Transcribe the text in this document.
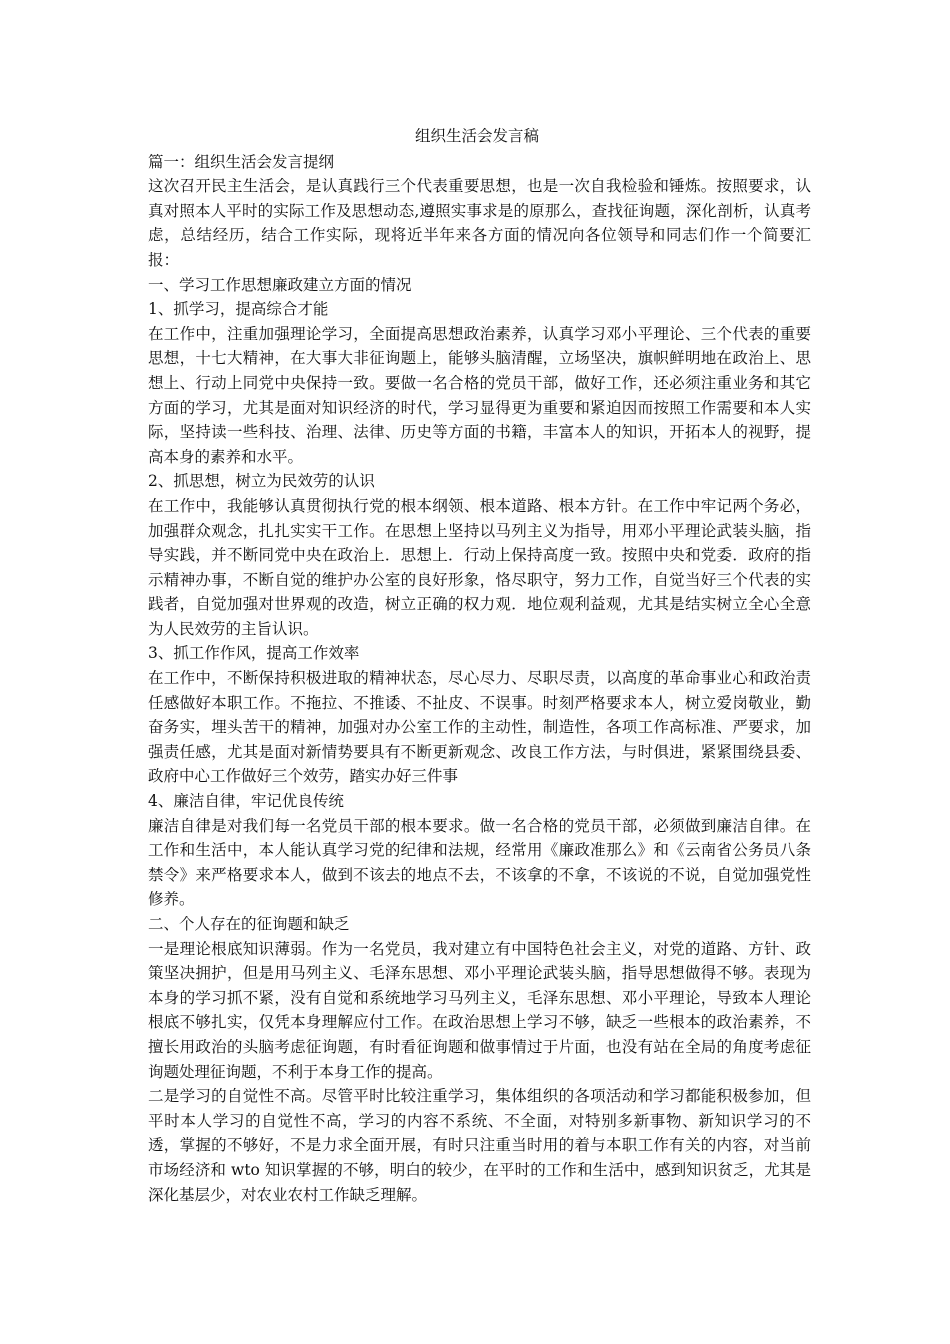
组织生活会发言稿
篇一：组织生活会发言提纲
这次召开民主生活会，是认真践行三个代表重要思想，也是一次自我检验和锤炼。按照要求，认真对照本人平时的实际工作及思想动态,遵照实事求是的原那么，查找征询题，深化剖析，认真考虑，总结经历，结合工作实际，现将近半年来各方面的情况向各位领导和同志们作一个简要汇报：
一、学习工作思想廉政建立方面的情况
1、抓学习，提高综合才能
在工作中，注重加强理论学习，全面提高思想政治素养，认真学习邓小平理论、三个代表的重要思想，十七大精神，在大事大非征询题上，能够头脑清醒，立场坚决，旗帜鲜明地在政治上、思想上、行动上同党中央保持一致。要做一名合格的党员干部，做好工作，还必须注重业务和其它方面的学习，尤其是面对知识经济的时代，学习显得更为重要和紧迫因而按照工作需要和本人实际，坚持读一些科技、治理、法律、历史等方面的书籍，丰富本人的知识，开拓本人的视野，提高本身的素养和水平。
2、抓思想，树立为民效劳的认识
在工作中，我能够认真贯彻执行党的根本纲领、根本道路、根本方针。在工作中牢记两个务必，加强群众观念，扎扎实实干工作。在思想上坚持以马列主义为指导，用邓小平理论武装头脑，指导实践，并不断同党中央在政治上．思想上．行动上保持高度一致。按照中央和党委．政府的指示精神办事，不断自觉的维护办公室的良好形象，恪尽职守，努力工作，自觉当好三个代表的实践者，自觉加强对世界观的改造，树立正确的权力观．地位观利益观，尤其是结实树立全心全意为人民效劳的主旨认识。
3、抓工作作风，提高工作效率
在工作中，不断保持积极进取的精神状态，尽心尽力、尽职尽责，以高度的革命事业心和政治责任感做好本职工作。不拖拉、不推诿、不扯皮、不误事。时刻严格要求本人，树立爱岗敬业，勤奋务实，埋头苦干的精神，加强对办公室工作的主动性，制造性，各项工作高标准、严要求，加强责任感，尤其是面对新情势要具有不断更新观念、改良工作方法，与时俱进，紧紧围绕县委、政府中心工作做好三个效劳，踏实办好三件事
4、廉洁自律，牢记优良传统
廉洁自律是对我们每一名党员干部的根本要求。做一名合格的党员干部，必须做到廉洁自律。在工作和生活中，本人能认真学习党的纪律和法规，经常用《廉政准那么》和《云南省公务员八条禁令》来严格要求本人，做到不该去的地点不去，不该拿的不拿，不该说的不说，自觉加强党性修养。
二、个人存在的征询题和缺乏
一是理论根底知识薄弱。作为一名党员，我对建立有中国特色社会主义，对党的道路、方针、政策坚决拥护，但是用马列主义、毛泽东思想、邓小平理论武装头脑，指导思想做得不够。表现为本身的学习抓不紧，没有自觉和系统地学习马列主义，毛泽东思想、邓小平理论，导致本人理论根底不够扎实，仅凭本身理解应付工作。在政治思想上学习不够，缺乏一些根本的政治素养，不擅长用政治的头脑考虑征询题，有时看征询题和做事情过于片面，也没有站在全局的角度考虑征询题处理征询题，不利于本身工作的提高。
二是学习的自觉性不高。尽管平时比较注重学习，集体组织的各项活动和学习都能积极参加，但平时本人学习的自觉性不高，学习的内容不系统、不全面，对特别多新事物、新知识学习的不透，掌握的不够好，不是力求全面开展，有时只注重当时用的着与本职工作有关的内容，对当前市场经济和 wto 知识掌握的不够，明白的较少，在平时的工作和生活中，感到知识贫乏，尤其是深化基层少，对农业农村工作缺乏理解。
